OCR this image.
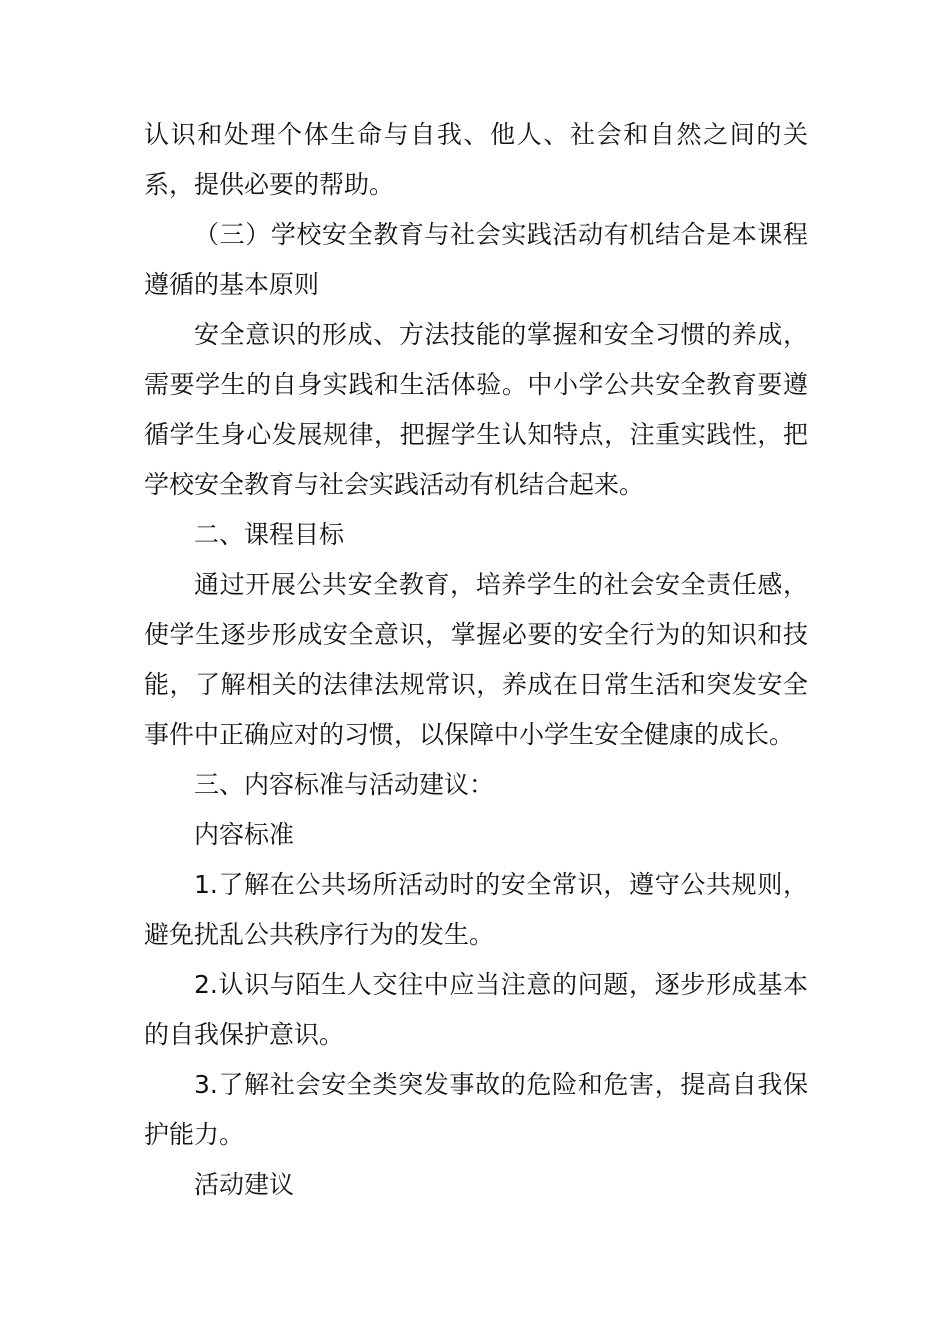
认识和处理个体生命与自我、他人、社会和自然之间的关系，提供必要的帮助。

（三）学校安全教育与社会实践活动有机结合是本课程遵循的基本原则

安全意识的形成、方法技能的掌握和安全习惯的养成，需要学生的自身实践和生活体验。中小学公共安全教育要遵循学生身心发展规律，把握学生认知特点，注重实践性，把学校安全教育与社会实践活动有机结合起来。

二、课程目标

通过开展公共安全教育，培养学生的社会安全责任感，使学生逐步形成安全意识，掌握必要的安全行为的知识和技能，了解相关的法律法规常识，养成在日常生活和突发安全事件中正确应对的习惯，以保障中小学生安全健康的成长。

三、内容标准与活动建议：

内容标准

1.了解在公共场所活动时的安全常识，遵守公共规则，避免扰乱公共秩序行为的发生。

2.认识与陌生人交往中应当注意的问题，逐步形成基本的自我保护意识。

3.了解社会安全类突发事故的危险和危害，提高自我保护能力。

活动建议
